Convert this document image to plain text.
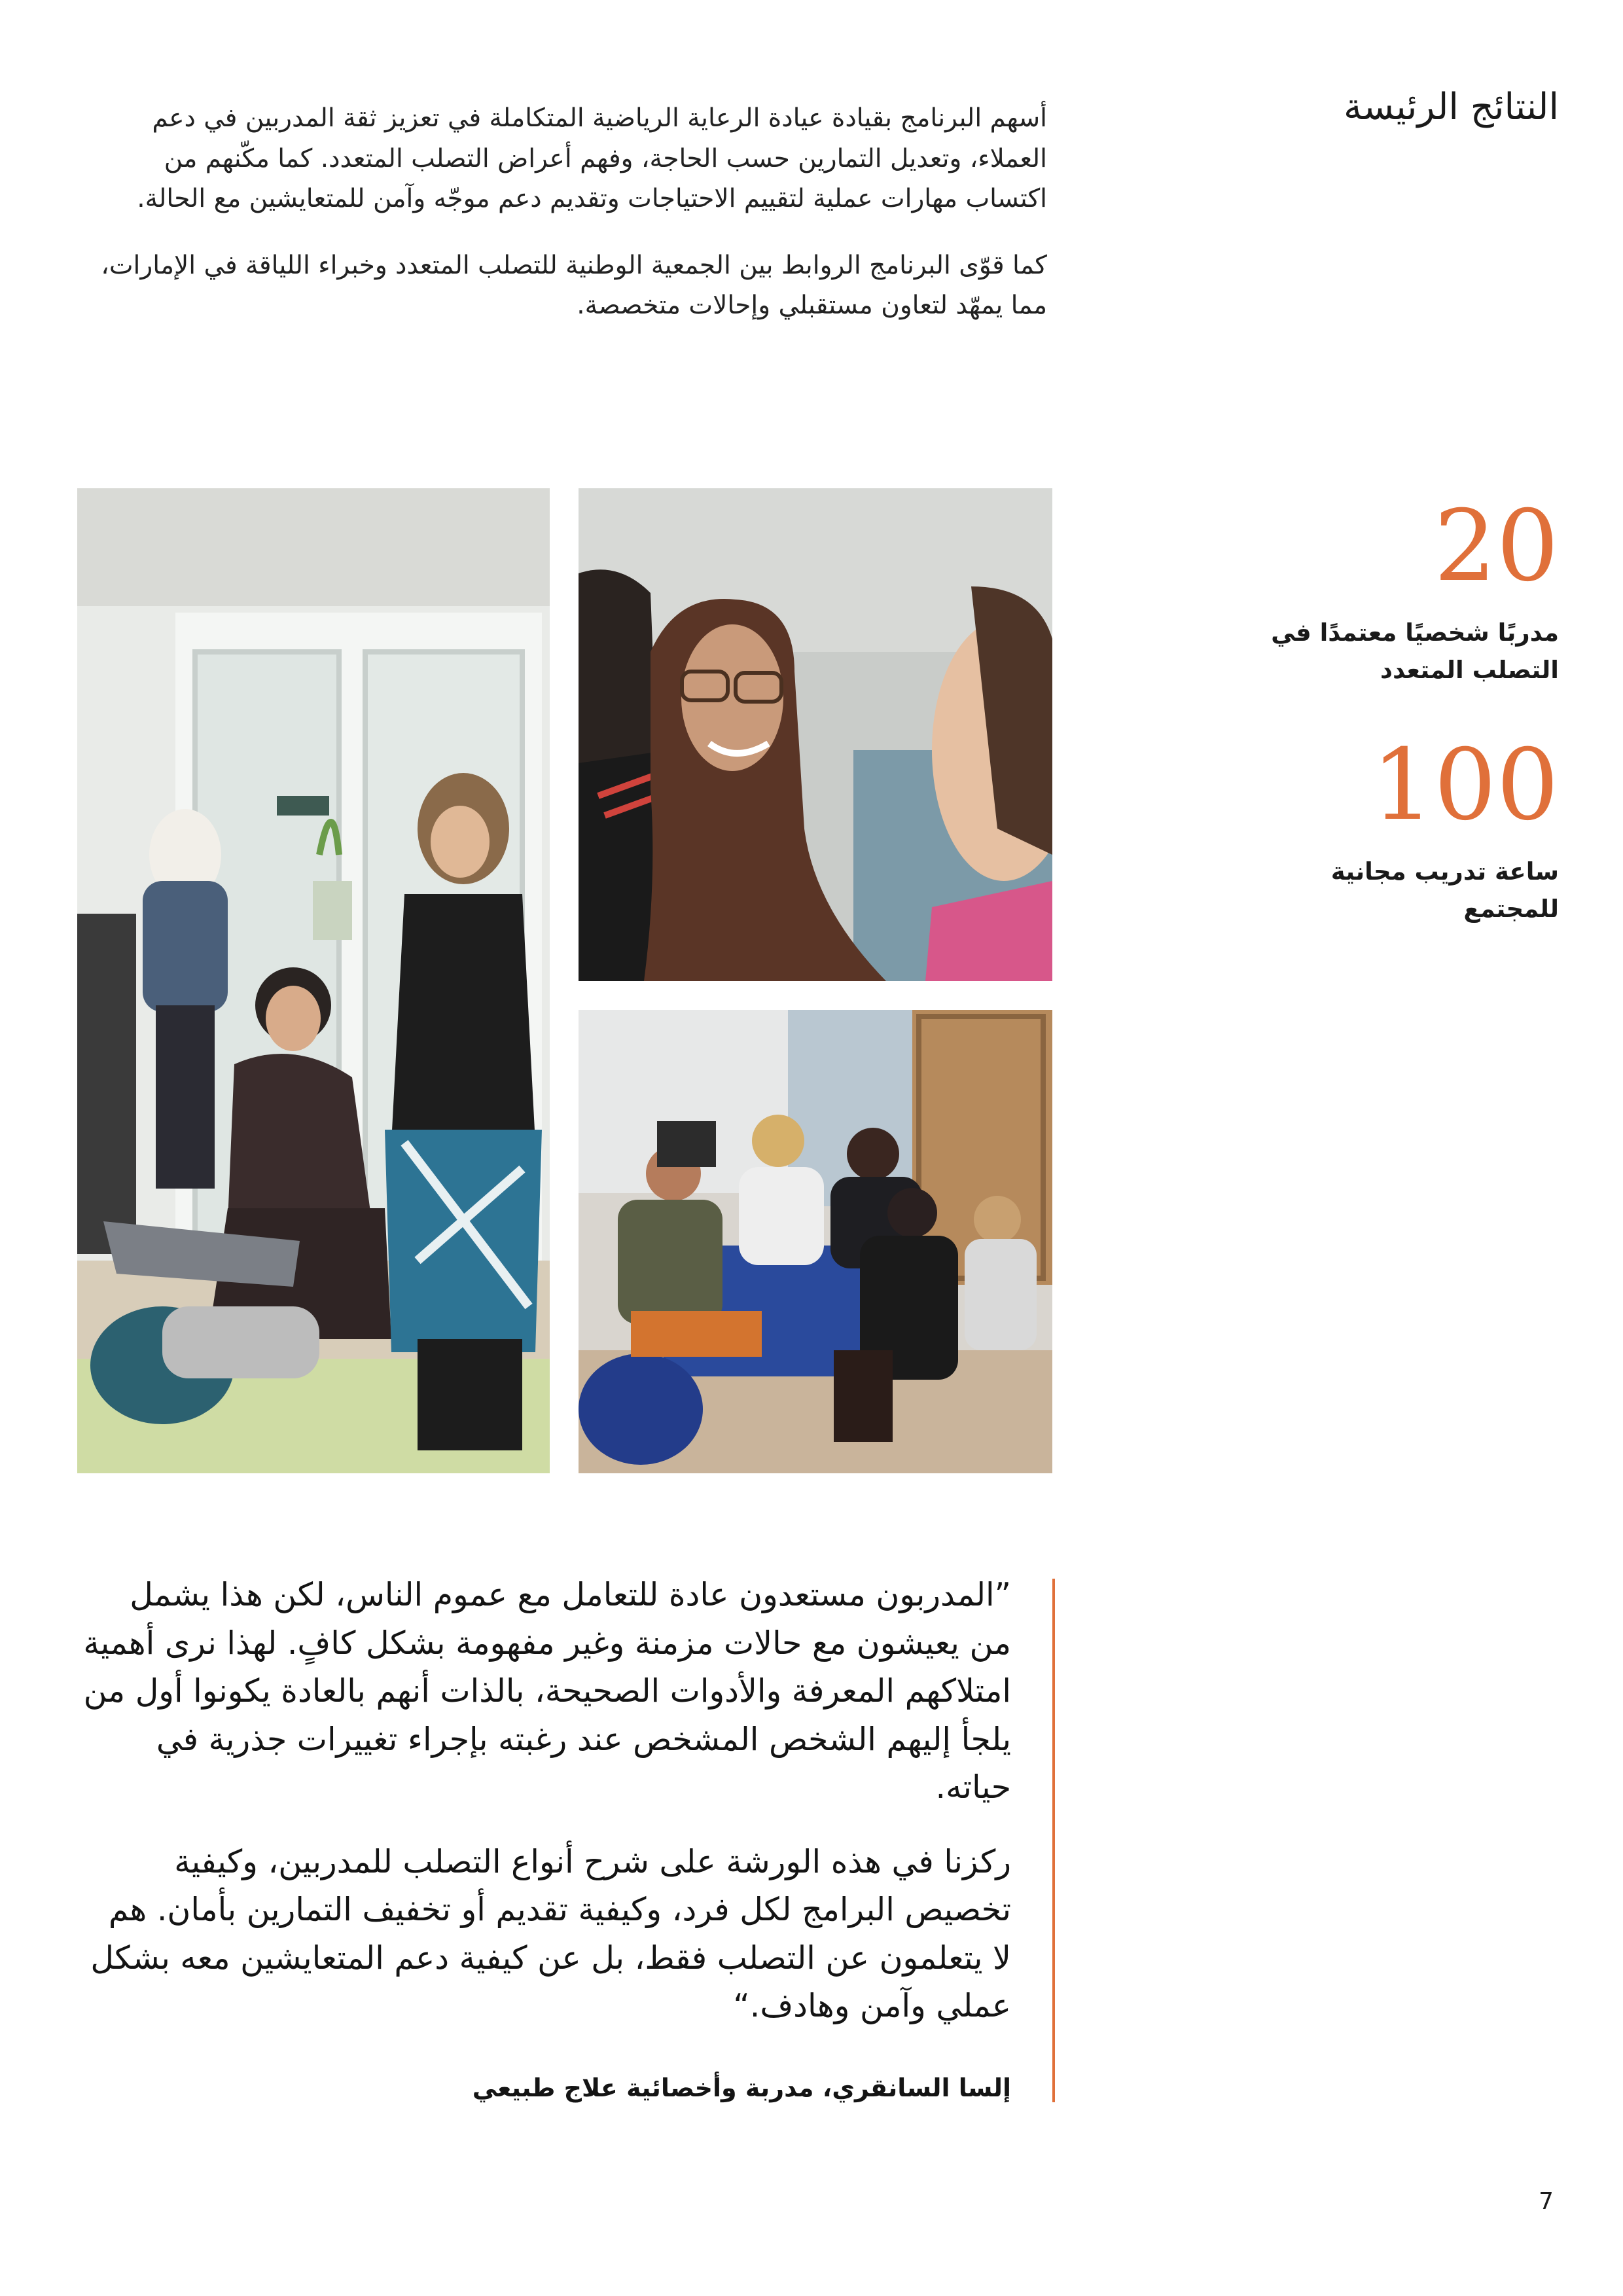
النتائج الرئيسة

أسهم البرنامج بقيادة عيادة الرعاية الرياضية المتكاملة في تعزيز ثقة المدربين في دعم العملاء، وتعديل التمارين حسب الحاجة، وفهم أعراض التصلب المتعدد. كما مكّنهم من اكتساب مهارات عملية لتقييم الاحتياجات وتقديم دعم موجّه وآمن للمتعايشين مع الحالة.

كما قوّى البرنامج الروابط بين الجمعية الوطنية للتصلب المتعدد وخبراء اللياقة في الإمارات، مما يمهّد لتعاون مستقبلي وإحالات متخصصة.

20
مدربًا شخصيًا معتمدًا في
التصلب المتعدد
100
ساعة تدريب مجانية
للمجتمع

”المدربون مستعدون عادة للتعامل مع عموم الناس، لكن هذا يشمل من يعيشون مع حالات مزمنة وغير مفهومة بشكل كافٍ. لهذا نرى أهمية امتلاكهم المعرفة والأدوات الصحيحة، بالذات أنهم بالعادة يكونوا أول من يلجأ إليهم الشخص المشخص عند رغبته بإجراء تغييرات جذرية في حياته.

ركزنا في هذه الورشة على شرح أنواع التصلب للمدربين، وكيفية تخصيص البرامج لكل فرد، وكيفية تقديم أو تخفيف التمارين بأمان. هم لا يتعلمون عن التصلب فقط، بل عن كيفية دعم المتعايشين معه بشكل عملي وآمن وهادف.“

إلسا السانقري، مدربة وأخصائية علاج طبيعي
7
